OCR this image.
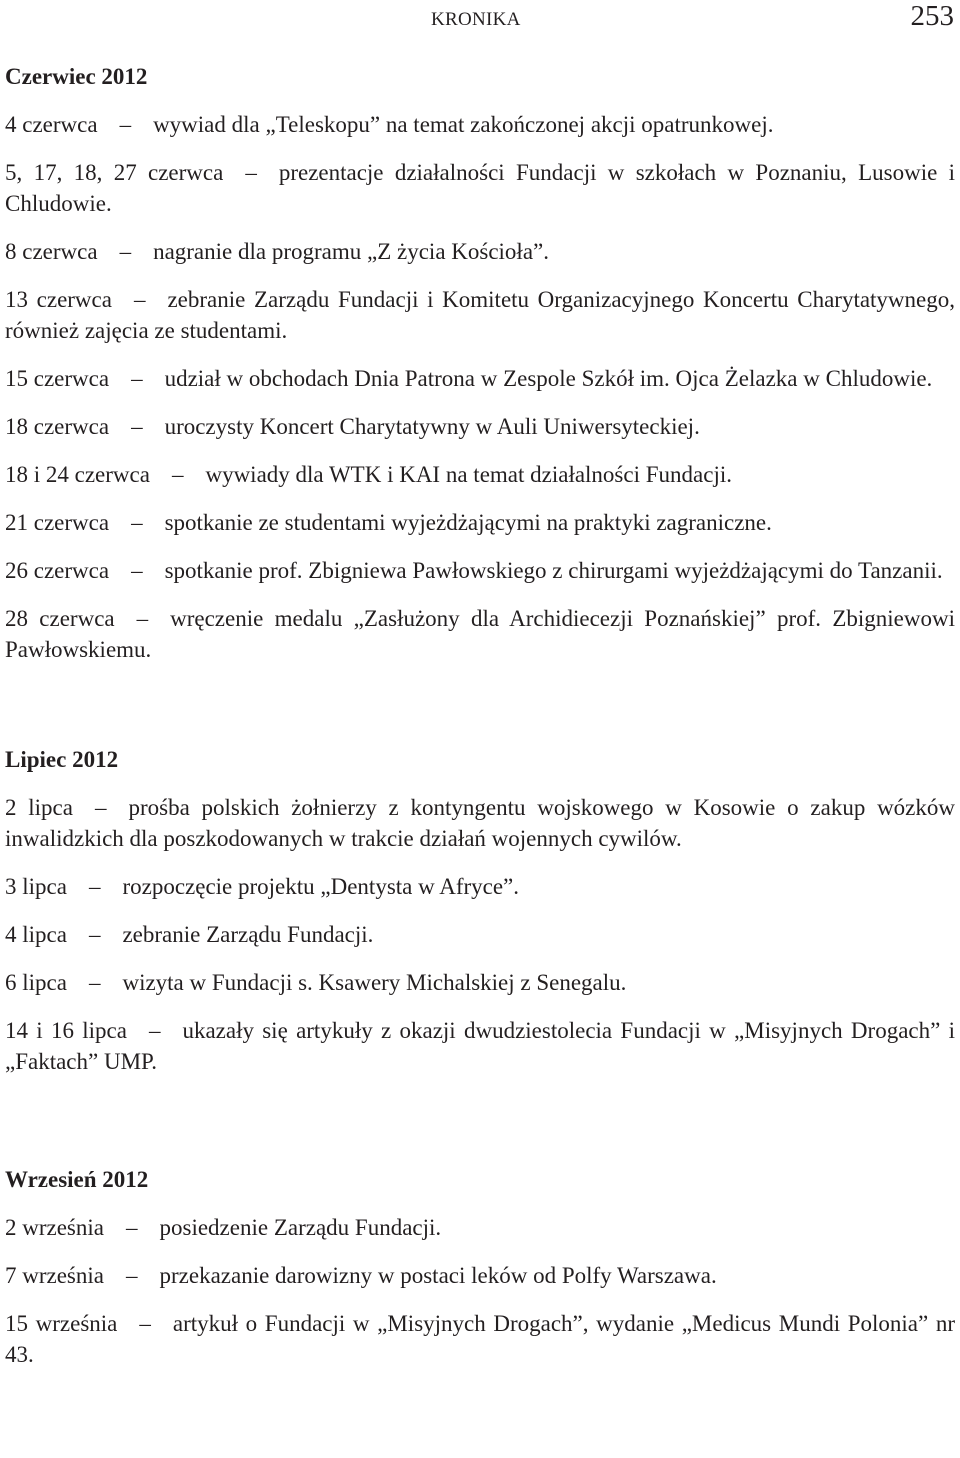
KRONIKA	253
Czerwiec 2012
4 czerwca – wywiad dla „Teleskopu” na temat zakończonej akcji opatrunkowej.
5, 17, 18, 27 czerwca – prezentacje działalności Fundacji w szkołach w Poznaniu, Lusowie i Chludowie.
8 czerwca – nagranie dla programu „Z życia Kościoła”.
13 czerwca – zebranie Zarządu Fundacji i Komitetu Organizacyjnego Koncertu Charytatywnego, również zajęcia ze studentami.
15 czerwca – udział w obchodach Dnia Patrona w Zespole Szkół im. Ojca Żelazka w Chludowie.
18 czerwca – uroczysty Koncert Charytatywny w Auli Uniwersyteckiej.
18 i 24 czerwca – wywiady dla WTK i KAI na temat działalności Fundacji.
21 czerwca – spotkanie ze studentami wyjeżdżającymi na praktyki zagraniczne.
26 czerwca – spotkanie prof. Zbigniewa Pawłowskiego z chirurgami wyjeżdżającymi do Tanzanii.
28 czerwca – wręczenie medalu „Zasłużony dla Archidiecezji Poznańskiej” prof. Zbigniewowi Pawłowskiemu.
Lipiec 2012
2 lipca – prośba polskich żołnierzy z kontyngentu wojskowego w Kosowie o zakup wózków inwalidzkich dla poszkodowanych w trakcie działań wojennych cywilów.
3 lipca – rozpoczęcie projektu „Dentysta w Afryce”.
4 lipca – zebranie Zarządu Fundacji.
6 lipca – wizyta w Fundacji s. Ksawery Michalskiej z Senegalu.
14 i 16 lipca – ukazały się artykuły z okazji dwudziestolecia Fundacji w „Misyjnych Drogach” i „Faktach” UMP.
Wrzesień 2012
2 września – posiedzenie Zarządu Fundacji.
7 września – przekazanie darowizny w postaci leków od Polfy Warszawa.
15 września – artykuł o Fundacji w „Misyjnych Drogach”, wydanie „Medicus Mundi Polonia” nr 43.
